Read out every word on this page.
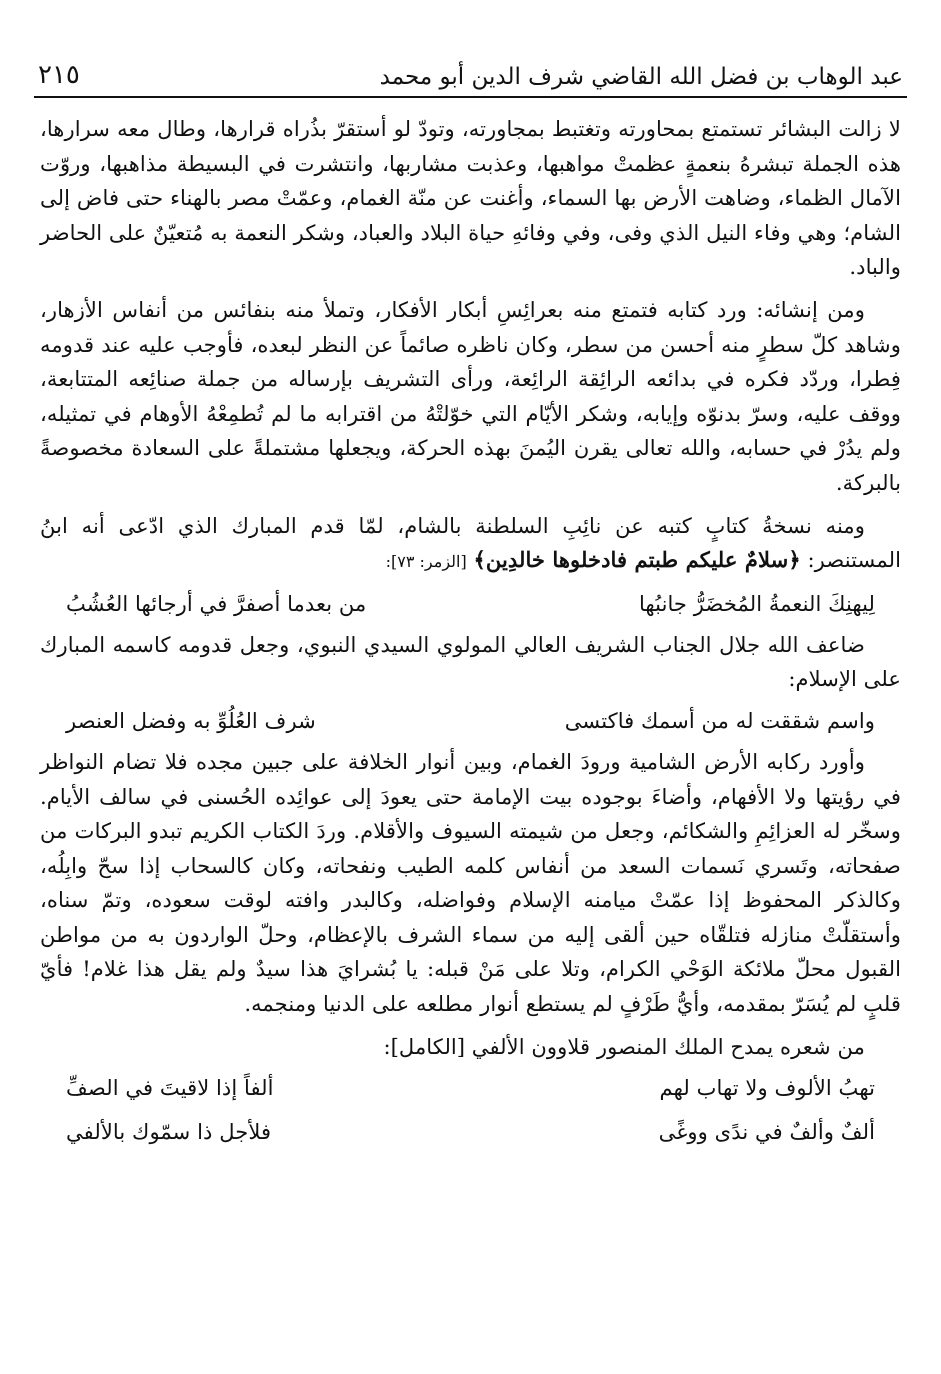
٢١٥	عبد الوهاب بن فضل الله القاضي شرف الدين أبو محمد

لا زالت البشائر تستمتع بمحاورته وتغتبط بمجاورته، وتودّ لو أستقرّ بذُراه قرارها، وطال معه سرارها، هذه الجملة تبشرهُ بنعمةٍ عظمتْ مواهبها، وعذبت مشاربها، وانتشرت في البسيطة مذاهبها، وروّت الآمال الظماء، وضاهت الأرض بها السماء، وأغنت عن منّة الغمام، وعمّتْ مصر بالهناء حتى فاض إلى الشام؛ وهي وفاء النيل الذي وفى، وفي وفائهِ حياة البلاد والعباد، وشكر النعمة به مُتعيّنٌ على الحاضر والباد.

ومن إنشائه: ورد كتابه فتمتع منه بعرائِسِ أبكار الأفكار، وتملأ منه بنفائس من أنفاس الأزهار، وشاهد كلّ سطرٍ منه أحسن من سطر، وكان ناظره صائماً عن النظر لبعده، فأوجب عليه عند قدومه فِطرا، وردّد فكره في بدائعه الرائِقة الرائِعة، ورأى التشريف بإرساله من جملة صنائِعه المتتابعة، ووقف عليه، وسرّ بدنوّه وإيابه، وشكر الأيّام التي خوّلتْهُ من اقترابه ما لم تُطمِعْهُ الأوهام في تمثيله، ولم يدُرْ في حسابه، والله تعالى يقرن اليُمنَ بهذه الحركة، ويجعلها مشتملةً على السعادة مخصوصةً بالبركة.

ومنه نسخةُ كتابٍ كتبه عن نائِبِ السلطنة بالشام، لمّا قدم المبارك الذي ادّعى أنه ابنُ المستنصر: ﴿سلامٌ عليكم طبتم فادخلوها خالدِين﴾ [الزمر: ٧٣]:

لِيهنِكَ النعمةُ المُخضَرُّ جانبُها
من بعدما أصفرَّ في أرجائها العُشُبُ

ضاعف الله جلال الجناب الشريف العالي المولوي السيدي النبوي، وجعل قدومه كاسمه المبارك على الإسلام:

واسم شققت له من أسمك فاكتسى
شرف العُلُوِّ به وفضل العنصر

وأورد ركابه الأرض الشامية ورودَ الغمام، وبين أنوار الخلافة على جبين مجده فلا تضام النواظر في رؤيتها ولا الأفهام، وأضاءَ بوجوده بيت الإمامة حتى يعودَ إلى عوائِده الحُسنى في سالف الأيام. وسخّر له العزائِمِ والشكائم، وجعل من شيمته السيوف والأقلام. وردَ الكتاب الكريم تبدو البركات من صفحاته، وتَسري نَسمات السعد من أنفاس كلمه الطيب ونفحاته، وكان كالسحاب إذا سحّ وابِلُه، وكالذكر المحفوظ إذا عمّتْ ميامنه الإسلام وفواضله، وكالبدر وافته لوقت سعوده، وتمّ سناه، وأستقلّتْ منازله فتلقّاه حين ألقى إليه من سماء الشرف بالإعظام، وحلّ الواردون به من مواطن القبول محلّ ملائكة الوَحْي الكرام، وتلا على مَنْ قبله: يا بُشرايَ هذا سيدٌ ولم يقل هذا غلام! فأيّ قلبٍ لم يُسَرّ بمقدمه، وأيُّ طَرْفٍ لم يستطع أنوار مطلعه على الدنيا ومنجمه.

من شعره يمدح الملك المنصور قلاوون الألفي [الكامل]:

تهبُ الألوف ولا تهاب لهم
ألفاً إذا لاقيتَ في الصفِّ
ألفٌ وألفٌ في ندًى ووغًى
فلأجل ذا سمّوك بالألفي
